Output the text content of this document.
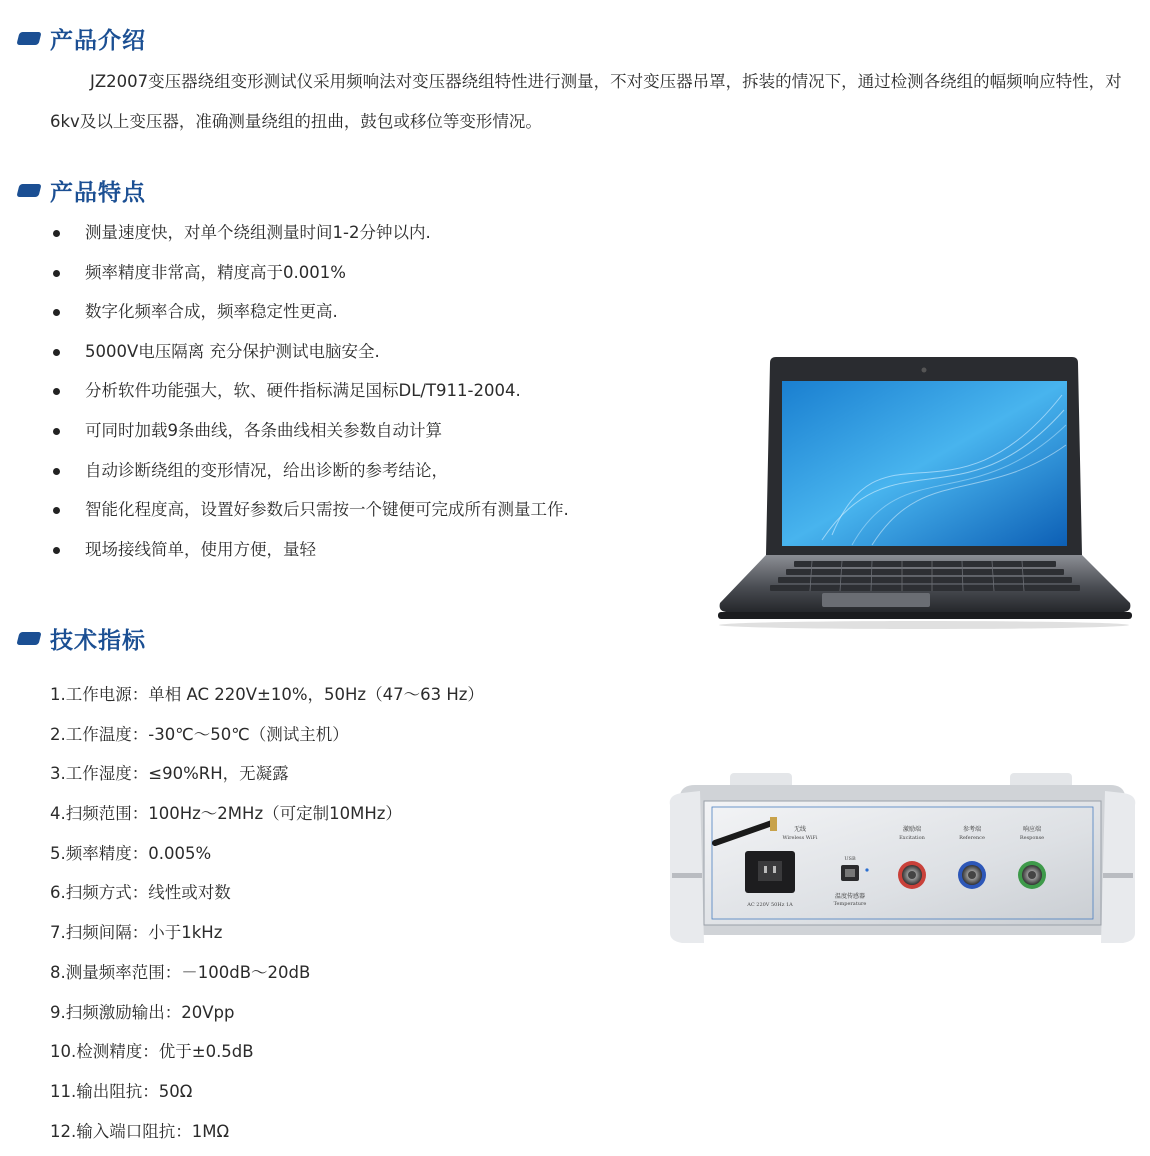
产品介绍

JZ2007变压器绕组变形测试仪采用频响法对变压器绕组特性进行测量，不对变压器吊罩，拆装的情况下，通过检测各绕组的幅频响应特性，对6kv及以上变压器，准确测量绕组的扭曲，鼓包或移位等变形情况。

产品特点
测量速度快，对单个绕组测量时间1-2分钟以内.
频率精度非常高，精度高于0.001%
数字化频率合成，频率稳定性更高.
5000V电压隔离 充分保护测试电脑安全.
分析软件功能强大，软、硬件指标满足国标DL/T911-2004.
可同时加载9条曲线，各条曲线相关参数自动计算
自动诊断绕组的变形情况，给出诊断的参考结论，
智能化程度高，设置好参数后只需按一个键便可完成所有测量工作.
现场接线简单，使用方便，量轻
技术指标
1.工作电源：单相 AC 220V±10%，50Hz（47～63 Hz）
2.工作温度：-30℃～50℃（测试主机）
3.工作湿度：≤90%RH，无凝露
4.扫频范围：100Hz～2MHz（可定制10MHz）
5.频率精度：0.005%
6.扫频方式：线性或对数
7.扫频间隔：小于1kHz
8.测量频率范围：－100dB～20dB
9.扫频激励输出：20Vpp
10.检测精度：优于±0.5dB
11.输出阻抗：50Ω
12.输入端口阻抗：1MΩ
无线
Wireless WiFi
AC 220V 50Hz 1A
USB
温度传感器
Temperature
激励端
Excitation
参考端
Reference
响应端
Response
